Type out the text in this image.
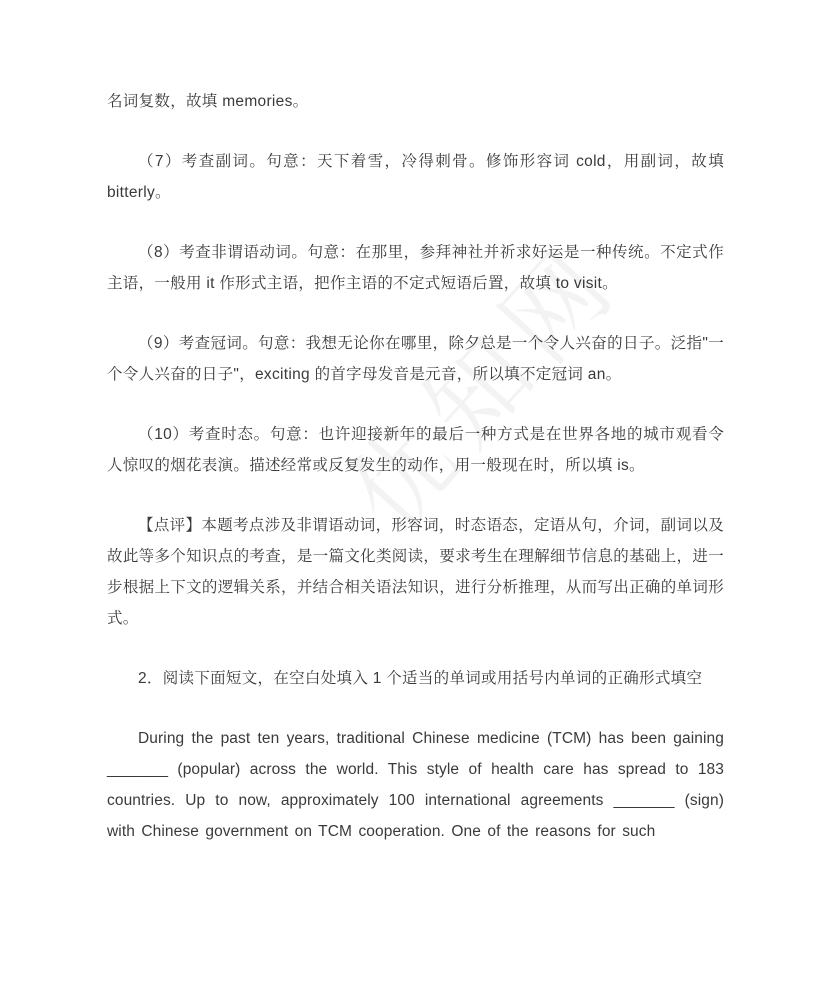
名词复数，故填 memories。

（7）考查副词。句意：天下着雪，冷得刺骨。修饰形容词 cold，用副词，故填 bitterly。

（8）考查非谓语动词。句意：在那里，参拜神社并祈求好运是一种传统。不定式作主语，一般用 it 作形式主语，把作主语的不定式短语后置，故填 to visit。

（9）考查冠词。句意：我想无论你在哪里，除夕总是一个令人兴奋的日子。泛指"一个令人兴奋的日子"，exciting 的首字母发音是元音，所以填不定冠词 an。

（10）考查时态。句意：也许迎接新年的最后一种方式是在世界各地的城市观看令人惊叹的烟花表演。描述经常或反复发生的动作，用一般现在时，所以填 is。

【点评】本题考点涉及非谓语动词，形容词，时态语态，定语从句，介词，副词以及故此等多个知识点的考查，是一篇文化类阅读，要求考生在理解细节信息的基础上，进一步根据上下文的逻辑关系，并结合相关语法知识，进行分析推理，从而写出正确的单词形式。

2．阅读下面短文，在空白处填入 1 个适当的单词或用括号内单词的正确形式填空

During the past ten years, traditional Chinese medicine (TCM) has been gaining _______ (popular) across the world. This style of health care has spread to 183 countries. Up to now, approximately 100 international agreements _______ (sign) with Chinese government on TCM cooperation. One of the reasons for such
